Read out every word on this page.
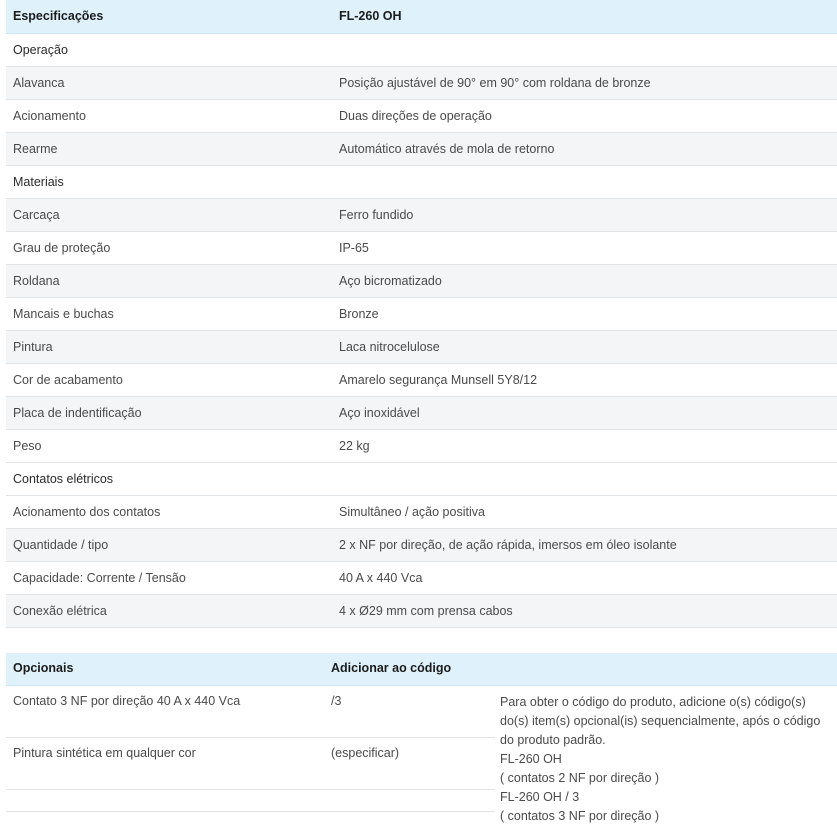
Especificações	FL-260 OH
Operação	
Alavanca	Posição ajustável de 90° em 90° com roldana de bronze
Acionamento	Duas direções de operação
Rearme	Automático através de mola de retorno
Materiais	
Carcaça	Ferro fundido
Grau de proteção	IP-65
Roldana	Aço bicromatizado
Mancais e buchas	Bronze
Pintura	Laca nitrocelulose
Cor de acabamento	Amarelo segurança Munsell 5Y8/12
Placa de indentificação	Aço inoxidável
Peso	22 kg
Contatos elétricos	
Acionamento dos contatos	Simultâneo / ação positiva
Quantidade / tipo	2 x NF por direção, de ação rápida, imersos em óleo isolante
Capacidade: Corrente / Tensão	40 A x 440 Vca
Conexão elétrica	4 x Ø29 mm com prensa cabos
Opcionais	Adicionar ao código
Contato 3 NF por direção 40 A x 440 Vca	/3
Pintura sintética em qualquer cor	(especificar)
Para obter o código do produto, adicione o(s) código(s)
do(s) item(s) opcional(is) sequencialmente, após o código
do produto padrão.
FL-260 OH
( contatos 2 NF por direção )
FL-260 OH / 3
( contatos 3 NF por direção )
